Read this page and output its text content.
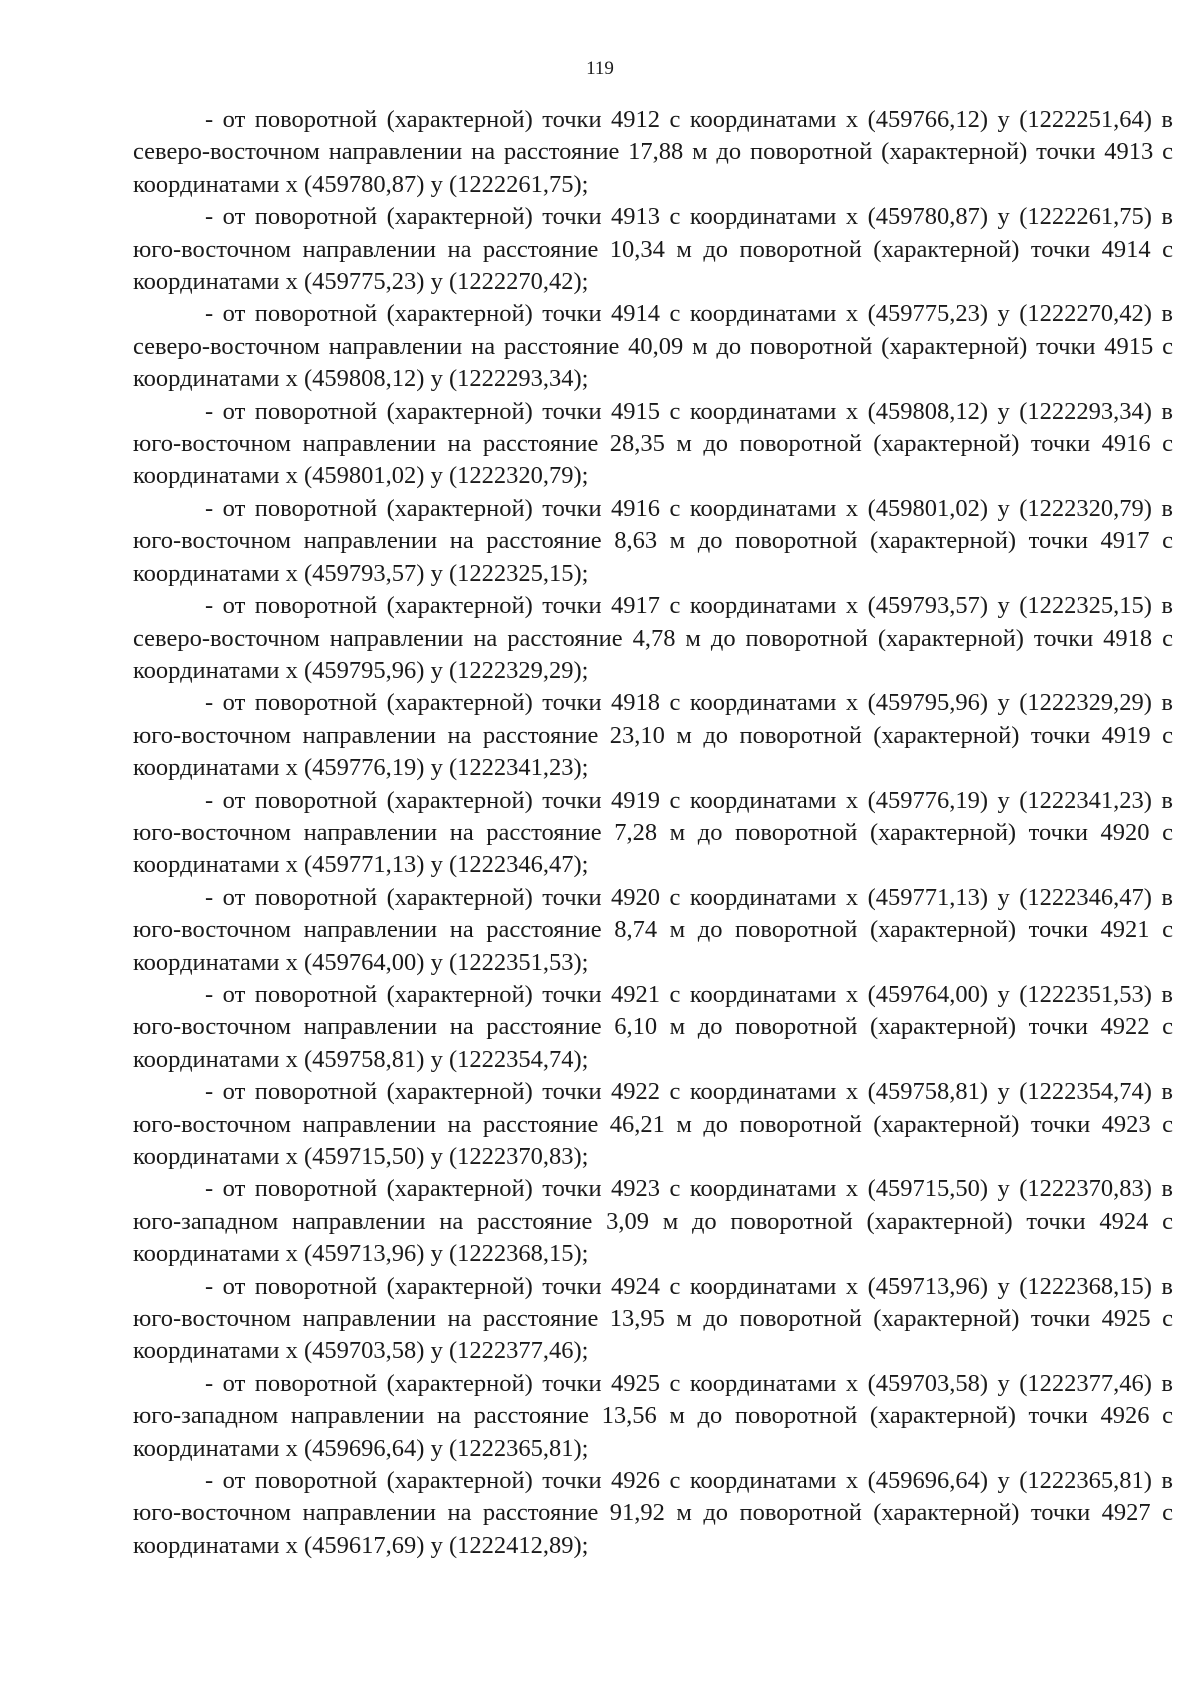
119

- от поворотной (характерной) точки 4912 с координатами x (459766,12) y (1222251,64) в северо-восточном направлении на расстояние 17,88 м до поворотной (характерной) точки 4913 с координатами x (459780,87) y (1222261,75);

- от поворотной (характерной) точки 4913 с координатами x (459780,87) y (1222261,75) в юго-восточном направлении на расстояние 10,34 м до поворотной (характерной) точки 4914 с координатами x (459775,23) y (1222270,42);

- от поворотной (характерной) точки 4914 с координатами x (459775,23) y (1222270,42) в северо-восточном направлении на расстояние 40,09 м до поворотной (характерной) точки 4915 с координатами x (459808,12) y (1222293,34);

- от поворотной (характерной) точки 4915 с координатами x (459808,12) y (1222293,34) в юго-восточном направлении на расстояние 28,35 м до поворотной (характерной) точки 4916 с координатами x (459801,02) y (1222320,79);

- от поворотной (характерной) точки 4916 с координатами x (459801,02) y (1222320,79) в юго-восточном направлении на расстояние 8,63 м до поворотной (характерной) точки 4917 с координатами x (459793,57) y (1222325,15);

- от поворотной (характерной) точки 4917 с координатами x (459793,57) y (1222325,15) в северо-восточном направлении на расстояние 4,78 м до поворотной (характерной) точки 4918 с координатами x (459795,96) y (1222329,29);

- от поворотной (характерной) точки 4918 с координатами x (459795,96) y (1222329,29) в юго-восточном направлении на расстояние 23,10 м до поворотной (характерной) точки 4919 с координатами x (459776,19) y (1222341,23);

- от поворотной (характерной) точки 4919 с координатами x (459776,19) y (1222341,23) в юго-восточном направлении на расстояние 7,28 м до поворотной (характерной) точки 4920 с координатами x (459771,13) y (1222346,47);

- от поворотной (характерной) точки 4920 с координатами x (459771,13) y (1222346,47) в юго-восточном направлении на расстояние 8,74 м до поворотной (характерной) точки 4921 с координатами x (459764,00) y (1222351,53);

- от поворотной (характерной) точки 4921 с координатами x (459764,00) y (1222351,53) в юго-восточном направлении на расстояние 6,10 м до поворотной (характерной) точки 4922 с координатами x (459758,81) y (1222354,74);

- от поворотной (характерной) точки 4922 с координатами x (459758,81) y (1222354,74) в юго-восточном направлении на расстояние 46,21 м до поворотной (характерной) точки 4923 с координатами x (459715,50) y (1222370,83);

- от поворотной (характерной) точки 4923 с координатами x (459715,50) y (1222370,83) в юго-западном направлении на расстояние 3,09 м до поворотной (характерной) точки 4924 с координатами x (459713,96) y (1222368,15);

- от поворотной (характерной) точки 4924 с координатами x (459713,96) y (1222368,15) в юго-восточном направлении на расстояние 13,95 м до поворотной (характерной) точки 4925 с координатами x (459703,58) y (1222377,46);

- от поворотной (характерной) точки 4925 с координатами x (459703,58) y (1222377,46) в юго-западном направлении на расстояние 13,56 м до поворотной (характерной) точки 4926 с координатами x (459696,64) y (1222365,81);

- от поворотной (характерной) точки 4926 с координатами x (459696,64) y (1222365,81) в юго-восточном направлении на расстояние 91,92 м до поворотной (характерной) точки 4927 с координатами x (459617,69) y (1222412,89);
